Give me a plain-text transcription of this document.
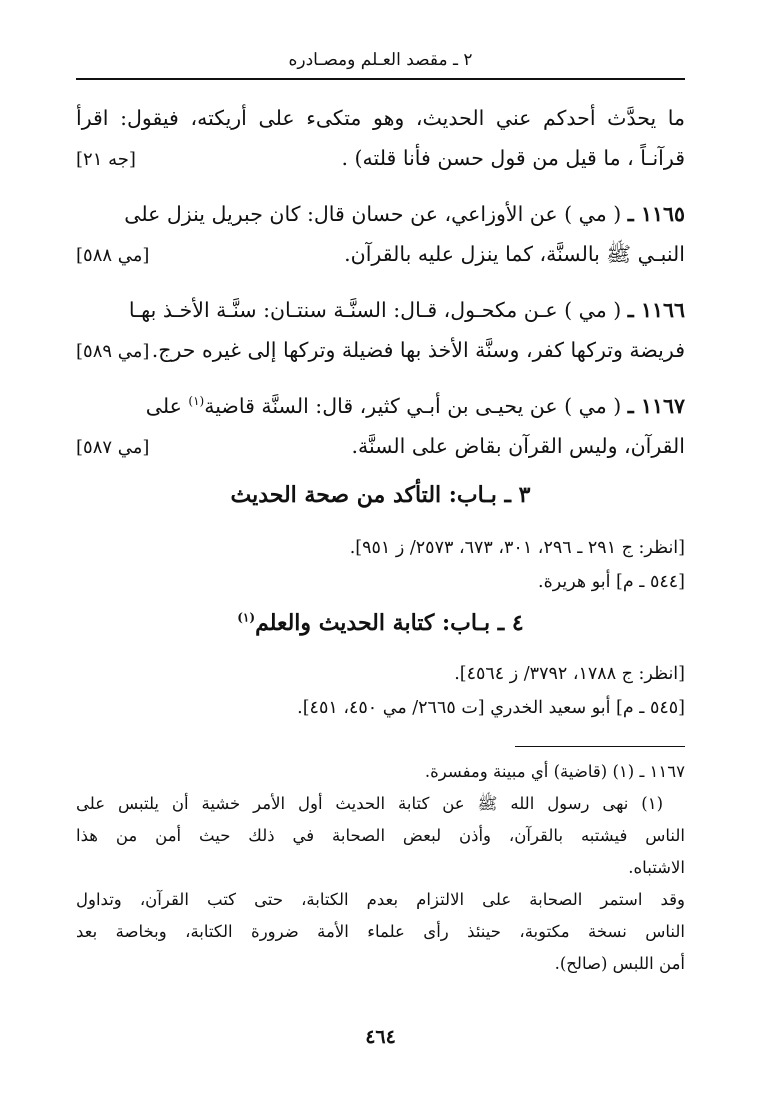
٢ ـ مقصد العـلم ومصـادره
ما يحدَّث أحدكم عني الحديث، وهو متكىء على أريكته، فيقول: اقرأ
قرآنـاً ، ما قيل من قول حسن فأنا قلته) .
[جه ٢١]
١١٦٥ ـ ( مي ) عن الأوزاعي، عن حسان قال: كان جبريل ينزل على
النبـي ﷺ بالسنَّة، كما ينزل عليه بالقرآن.
[مي ٥٨٨]
١١٦٦ ـ ( مي ) عـن مكحـول، قـال: السنَّـة سنتـان: سنَّـة الأخـذ بهـا
فريضة وتركها كفر، وسنَّة الأخذ بها فضيلة وتركها إلى غيره حرج.
[مي ٥٨٩]
١١٦٧ ـ ( مي ) عن يحيـى بن أبـي كثير، قال: السنَّة قاضية$^{(١)}$ على
القرآن، وليس القرآن بقاض على السنَّة.
[مي ٥٨٧]
٣ ـ بـاب: التأكد من صحة الحديث
[انظر: ج ٢٩١ ـ ٢٩٦، ٣٠١، ٦٧٣، ٢٥٧٣/ ز ٩٥١].
[٥٤٤ ـ م] أبو هريرة.
٤ ـ بـاب: كتابة الحديث والعلم$^{(١)}$
[انظر: ج ١٧٨٨، ٣٧٩٢/ ز ٤٥٦٤].
[٥٤٥ ـ م] أبو سعيد الخدري [ت ٢٦٦٥/ مي ٤٥٠، ٤٥١].
١١٦٧ ـ (١) (قاضية) أي مبينة ومفسرة.
(١) نهى رسول الله ﷺ عن كتابة الحديث أول الأمر خشية أن يلتبس على
الناس فيشتبه بالقرآن، وأذن لبعض الصحابة في ذلك حيث أمن من هذا
الاشتباه.
وقد استمر الصحابة على الالتزام بعدم الكتابة، حتى كتب القرآن، وتداول
الناس نسخة مكتوبة، حينئذ رأى علماء الأمة ضرورة الكتابة، وبخاصة بعد
أمن اللبس (صالح).
٤٦٤
